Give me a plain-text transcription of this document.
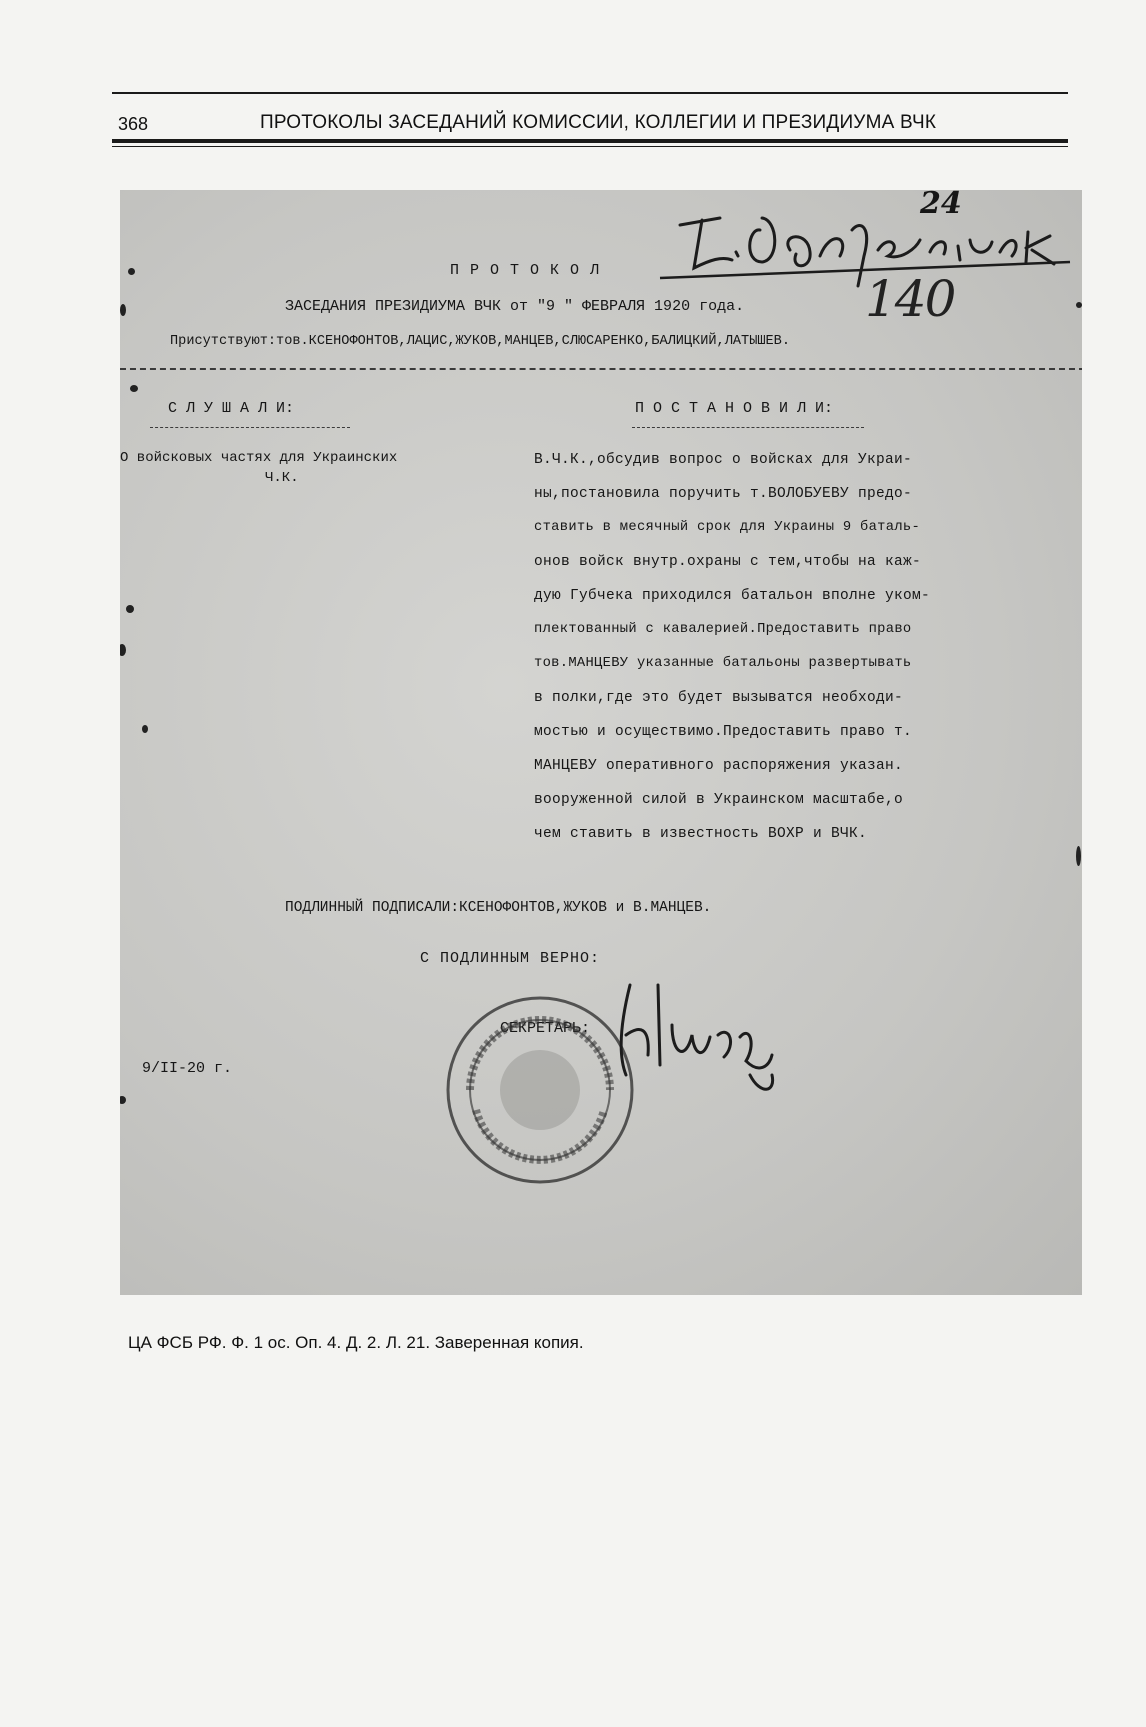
368	ПРОТОКОЛЫ ЗАСЕДАНИЙ КОМИССИИ, КОЛЛЕГИИ И ПРЕЗИДИУМА ВЧК
24
140
П Р О Т О К О Л
ЗАСЕДАНИЯ ПРЕЗИДИУМА ВЧК от "9 " ФЕВРАЛЯ 1920 года.
Присутствуют:тов.КСЕНОФОНТОВ,ЛАЦИС,ЖУКОВ,МАНЦЕВ,СЛЮСАРЕНКО,БАЛИЦКИЙ,ЛАТЫШЕВ.
С Л У Ш А Л И:	П О С Т А Н О В И Л И:
О войсковых частях для Украинских
Ч.К.
В.Ч.К.,обсудив вопрос о войсках для Украи-
ны,постановила поручить т.ВОЛОБУЕВУ предо-
ставить в месячный срок для Украины 9 баталь-
онов войск внутр.охраны с тем,чтобы на каж-
дую Губчека приходился батальон вполне уком-
плектованный с кавалерией.Предоставить право
тов.МАНЦЕВУ указанные батальоны развертывать
в полки,где это будет вызыватся необходи-
мостью и осуществимо.Предоставить право т.
МАНЦЕВУ оперативного распоряжения указан.
вооруженной силой в Украинском масштабе,о
чем ставить в известность ВОХР и ВЧК.
ПОДЛИННЫЙ ПОДПИСАЛИ:КСЕНОФОНТОВ,ЖУКОВ и В.МАНЦЕВ.
С ПОДЛИННЫМ ВЕРНО:
СЕКРЕТАРЬ:
9/II-20 г.
ЦА ФСБ РФ. Ф. 1 ос. Оп. 4. Д. 2. Л. 21. Заверенная копия.
